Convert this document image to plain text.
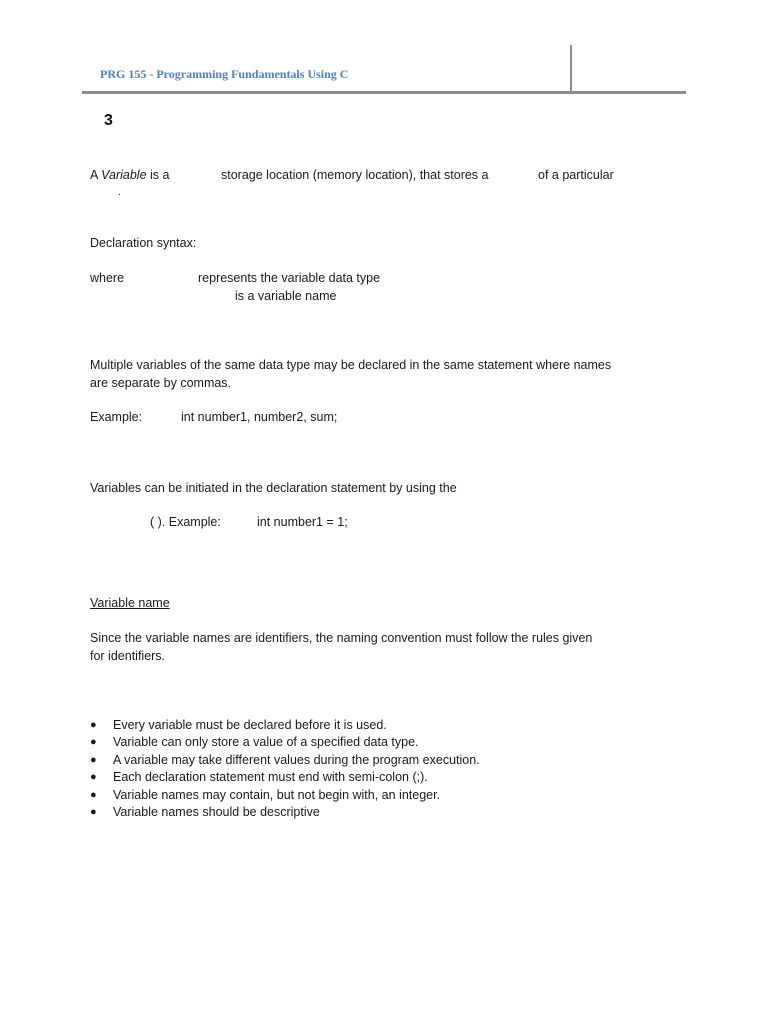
PRG 155 - Programming Fundamentals Using C
3
A Variable is a	storage location (memory location), that stores a	of a particular
.
Declaration syntax:
where	represents the variable data type
is a variable name
Multiple variables of the same data type may be declared in the same statement where names
are separate by commas.
Example:	int number1, number2, sum;
Variables can be initiated in the declaration statement by using the
( ). Example:	int number1 = 1;
Variable name
Since the variable names are identifiers, the naming convention must follow the rules given
for identifiers.
●	Every variable must be declared before it is used.
●	Variable can only store a value of a specified data type.
●	A variable may take different values during the program execution.
●	Each declaration statement must end with semi-colon (;).
●	Variable names may contain, but not begin with, an integer.
●	Variable names should be descriptive
